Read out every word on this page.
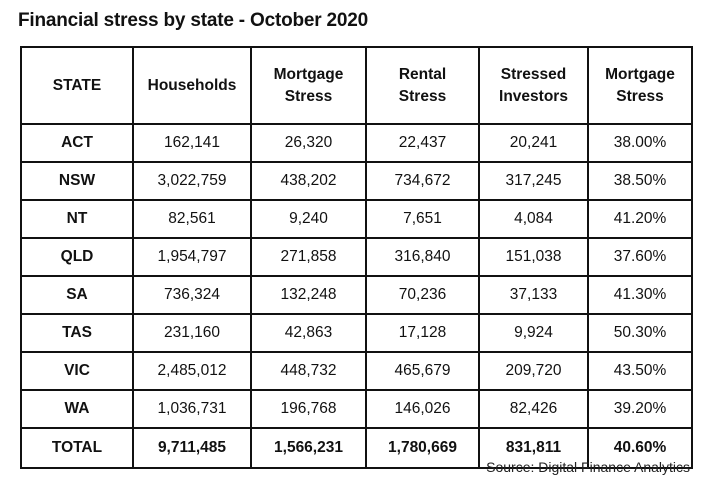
Financial stress by state - October 2020
STATE	Households	Mortgage Stress	Rental Stress	Stressed Investors	Mortgage Stress
ACT	162,141	26,320	22,437	20,241	38.00%
NSW	3,022,759	438,202	734,672	317,245	38.50%
NT	82,561	9,240	7,651	4,084	41.20%
QLD	1,954,797	271,858	316,840	151,038	37.60%
SA	736,324	132,248	70,236	37,133	41.30%
TAS	231,160	42,863	17,128	9,924	50.30%
VIC	2,485,012	448,732	465,679	209,720	43.50%
WA	1,036,731	196,768	146,026	82,426	39.20%
TOTAL	9,711,485	1,566,231	1,780,669	831,811	40.60%
Source: Digital Finance Analytics
